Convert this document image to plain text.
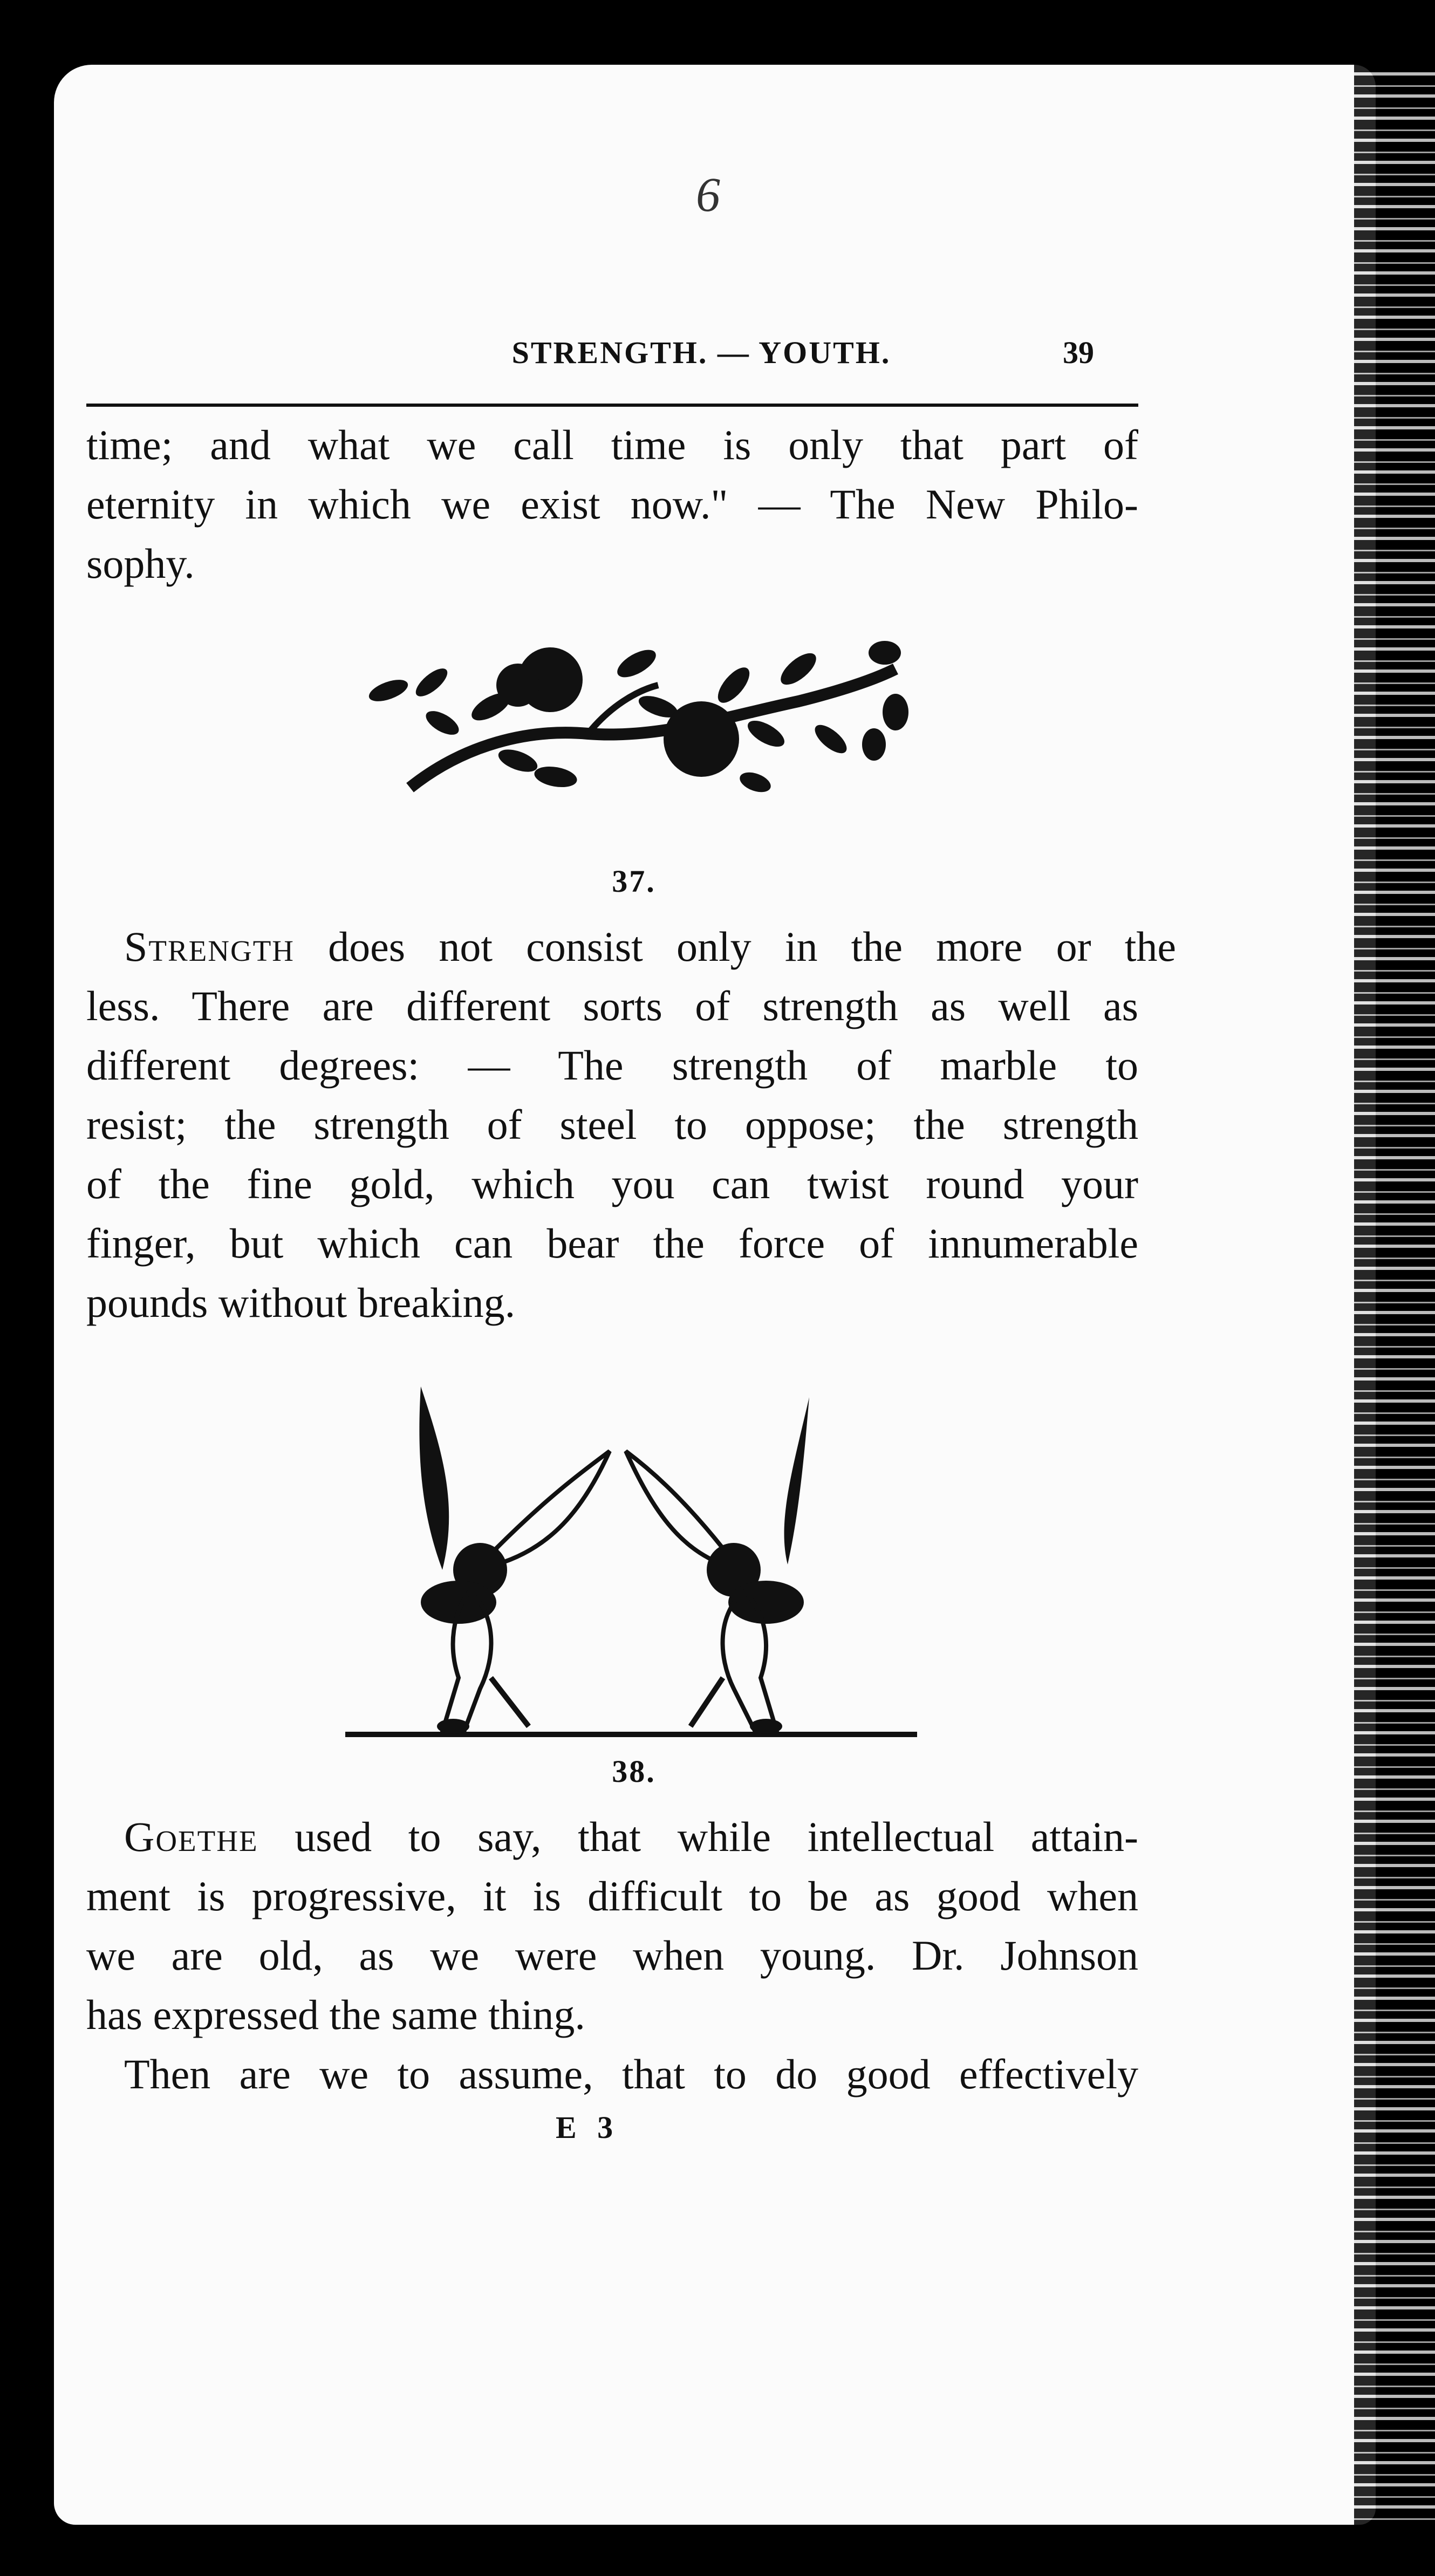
6
STRENGTH. — YOUTH.	39
time; and what we call time is only that part of
eternity in which we exist now." — The New Philo-
sophy.
37.
Strength does not consist only in the more or the
less. There are different sorts of strength as well as
different degrees: — The strength of marble to
resist; the strength of steel to oppose; the strength
of the fine gold, which you can twist round your
finger, but which can bear the force of innumerable
pounds without breaking.
38.
Goethe used to say, that while intellectual attain-
ment is progressive, it is difficult to be as good when
we are old, as we were when young. Dr. Johnson
has expressed the same thing.
Then are we to assume, that to do good effectively
E 3
